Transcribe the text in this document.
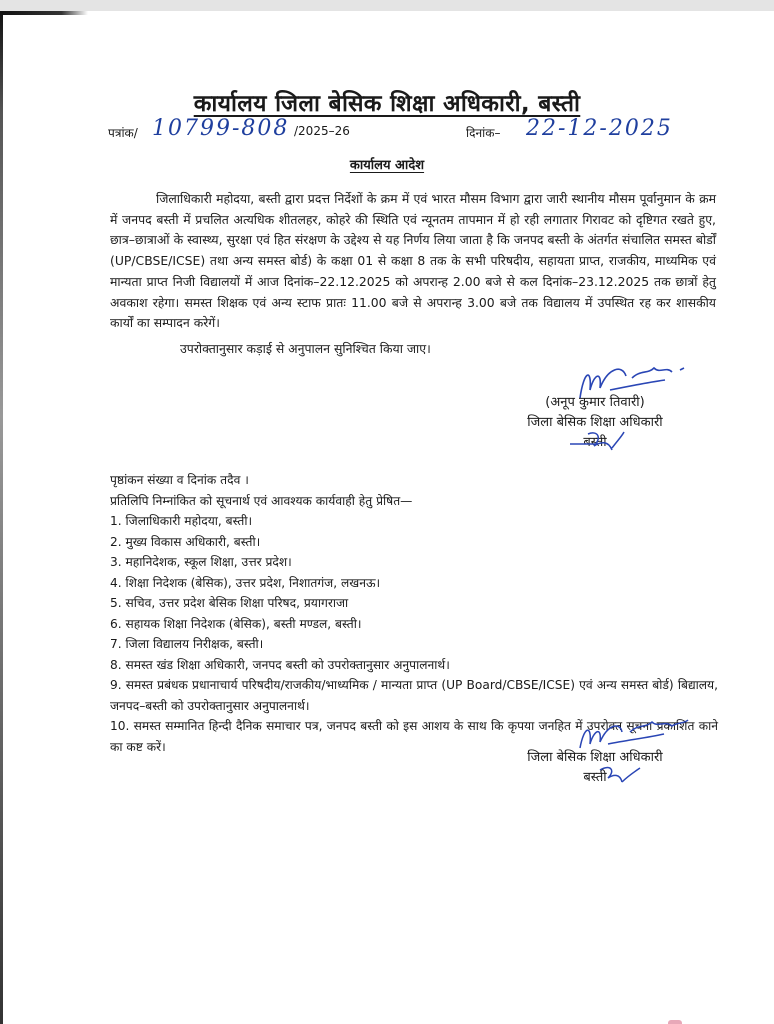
कार्यालय जिला बेसिक शिक्षा अधिकारी, बस्ती
पत्रांक/ 10799-808 /2025–26	दिनांक– 22-12-2025
कार्यालय आदेश
जिलाधिकारी महोदया, बस्ती द्वारा प्रदत्त निर्देशों के क्रम में एवं भारत मौसम विभाग द्वारा जारी स्थानीय मौसम पूर्वानुमान के क्रम में जनपद बस्ती में प्रचलित अत्यधिक शीतलहर, कोहरे की स्थिति एवं न्यूनतम तापमान में हो रही लगातार गिरावट को दृष्टिगत रखते हुए, छात्र–छात्राओं के स्वास्थ्य, सुरक्षा एवं हित संरक्षण के उद्देश्य से यह निर्णय लिया जाता है कि जनपद बस्ती के अंतर्गत संचालित समस्त बोर्डों (UP/CBSE/ICSE) तथा अन्य समस्त बोर्ड) के कक्षा 01 से कक्षा 8 तक के सभी परिषदीय, सहायता प्राप्त, राजकीय, माध्यमिक एवं मान्यता प्राप्त निजी विद्यालयों में आज दिनांक–22.12.2025 को अपरान्ह 2.00 बजे से कल दिनांक–23.12.2025 तक छात्रों हेतु अवकाश रहेगा। समस्त शिक्षक एवं अन्य स्टाफ प्रातः 11.00 बजे से अपरान्ह 3.00 बजे तक विद्यालय में उपस्थित रह कर शासकीय कार्यों का सम्पादन करेगें।
उपरोक्तानुसार कड़ाई से अनुपालन सुनिश्चित किया जाए।
(अनूप कुमार तिवारी)
जिला बेसिक शिक्षा अधिकारी
बस्ती
पृष्ठांकन संख्या व दिनांक तदैव ।
प्रतिलिपि निम्नांकित को सूचनार्थ एवं आवश्यक कार्यवाही हेतु प्रेषित—
1. जिलाधिकारी महोदया, बस्ती।
2. मुख्य विकास अधिकारी, बस्ती।
3. महानिदेशक, स्कूल शिक्षा, उत्तर प्रदेश।
4. शिक्षा निदेशक (बेसिक), उत्तर प्रदेश, निशातगंज, लखनऊ।
5. सचिव, उत्तर प्रदेश बेसिक शिक्षा परिषद, प्रयागराजा
6. सहायक शिक्षा निदेशक (बेसिक), बस्ती मण्डल, बस्ती।
7. जिला विद्यालय निरीक्षक, बस्ती।
8. समस्त खंड शिक्षा अधिकारी, जनपद बस्ती को उपरोक्तानुसार अनुपालनार्थ।
9. समस्त प्रबंधक प्रधानाचार्य परिषदीय/राजकीय/भाध्यमिक / मान्यता प्राप्त (UP Board/CBSE/ICSE) एवं अन्य समस्त बोर्ड) बिद्यालय, जनपद–बस्ती को उपरोक्तानुसार अनुपालनार्थ।
10. समस्त सम्मानित हिन्दी दैनिक समाचार पत्र, जनपद बस्ती को इस आशय के साथ कि कृपया जनहित में उपरोक्त सूचना प्रकाशित काने का कष्ट करें।
जिला बेसिक शिक्षा अधिकारी
बस्ती
